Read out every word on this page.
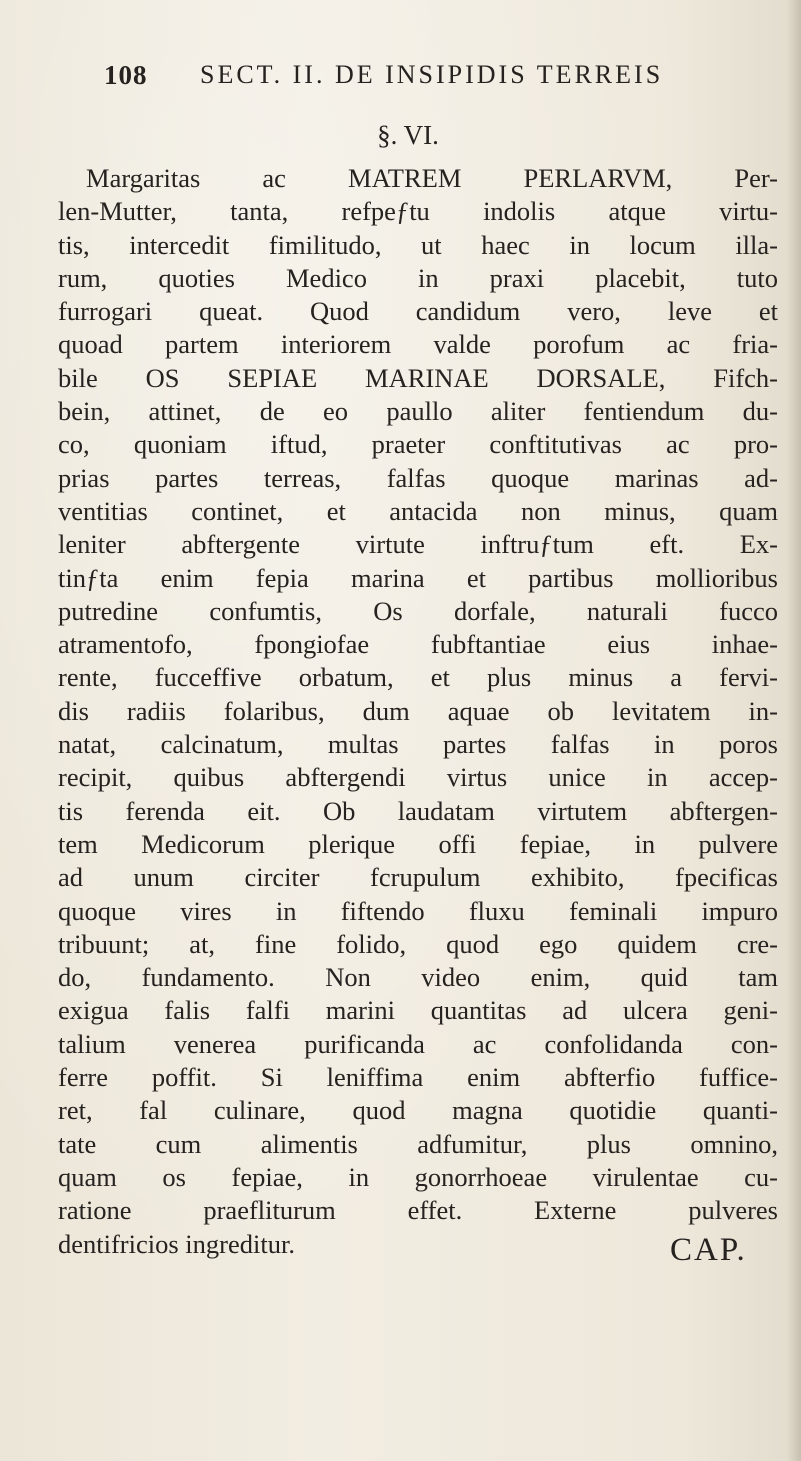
108 SECT. II. DE INSIPIDIS TERREIS
§. VI.
Margaritas ac MATREM PERLARVM, Per-
len-Mutter, tanta, refpeƒtu indolis atque virtu-
tis, intercedit fimilitudo, ut haec in locum illa-
rum, quoties Medico in praxi placebit, tuto
furrogari queat. Quod candidum vero, leve et
quoad partem interiorem valde porofum ac fria-
bile OS SEPIAE MARINAE DORSALE, Fifch-
bein, attinet, de eo paullo aliter fentiendum du-
co, quoniam iftud, praeter conftitutivas ac pro-
prias partes terreas, falfas quoque marinas ad-
ventitias continet, et antacida non minus, quam
leniter abftergente virtute inftruƒtum eft. Ex-
tinƒta enim fepia marina et partibus mollioribus
putredine confumtis, Os dorfale, naturali fucco
atramentofo, fpongiofae fubftantiae eius inhae-
rente, fucceffive orbatum, et plus minus a fervi-
dis radiis folaribus, dum aquae ob levitatem in-
natat, calcinatum, multas partes falfas in poros
recipit, quibus abftergendi virtus unice in accep-
tis ferenda eit. Ob laudatam virtutem abftergen-
tem Medicorum plerique offi fepiae, in pulvere
ad unum circiter fcrupulum exhibito, fpecificas
quoque vires in fiftendo fluxu feminali impuro
tribuunt; at, fine folido, quod ego quidem cre-
do, fundamento. Non video enim, quid tam
exigua falis falfi marini quantitas ad ulcera geni-
talium venerea purificanda ac confolidanda con-
ferre poffit. Si leniffima enim abfterfio fuffice-
ret, fal culinare, quod magna quotidie quanti-
tate cum alimentis adfumitur, plus omnino,
quam os fepiae, in gonorrhoeae virulentae cu-
ratione praefliturum effet. Externe pulveres
dentifricios ingreditur.	CAP.
